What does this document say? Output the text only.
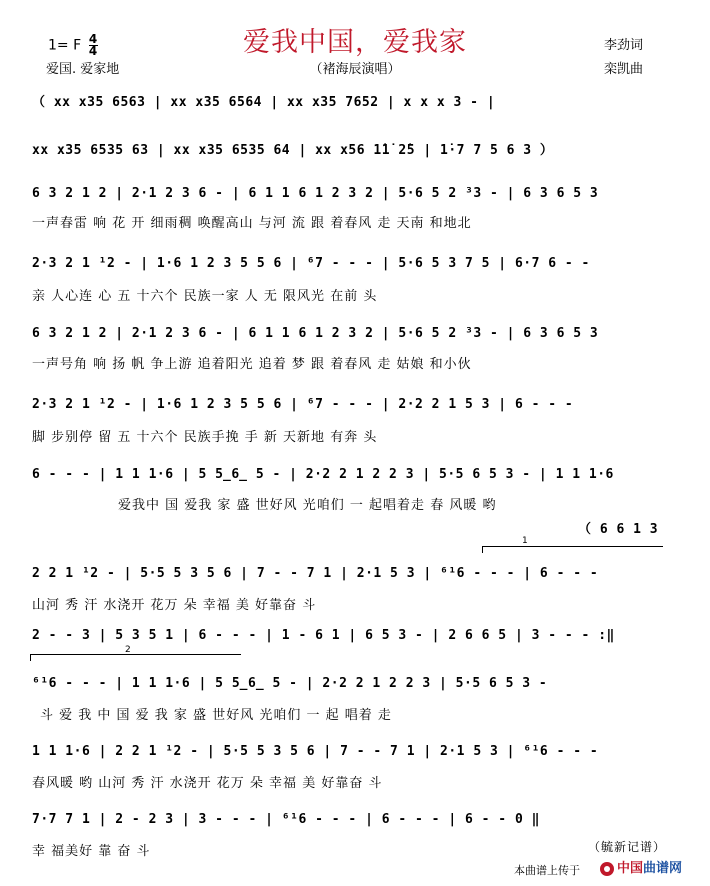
1= F $\frac{4}{4}$	爱我中国，爱我家
（褚海辰演唱）
爱国. 爱家地
李劲词
栾凯曲
（ xx x35 6563 | xx x35 6564 | xx x35 7652 | x x x 3 - |
xx x35 6535 63 | xx x35 6535 64 | xx x56 1̇1̇ 2̇5 | 1̇·7 7 5 6 3 ）
6 3 2 1 2 | 2·1 2 3 6 - | 6 1 1 6 1 2 3 2 | 5·6 5 2 ³3 - | 6 3 6 5 3
一声春雷 响 花 开 细雨稠 唤醒高山 与河 流 跟 着春风 走 天南 和地北
2·3 2 1 ¹2 - | 1·6 1 2 3 5 5 6 | ⁶7 - - - | 5·6 5 3 7 5 | 6·7 6 - -
亲 人心连 心 五 十六个 民族一家 人 无 限风光 在前 头
6 3 2 1 2 | 2·1 2 3 6 - | 6 1 1 6 1 2 3 2 | 5·6 5 2 ³3 - | 6 3 6 5 3
一声号角 响 扬 帆 争上游 追着阳光 追着 梦 跟 着春风 走 姑娘 和小伙
2·3 2 1 ¹2 - | 1·6 1 2 3 5 5 6 | ⁶7 - - - | 2·2 2 1 5 3 | 6 - - -
脚 步别停 留 五 十六个 民族手挽 手 新 天新地 有奔 头
6 - - - | 1 1 1·6 | 5 5̲6̲ 5 - | 2·2 2 1 2 2 3 | 5·5 6 5 3 - | 1 1 1·6
爱我中 国 爱我 家 盛 世好风 光咱们 一 起唱着走 春 风暖 哟
（ 6 6 1 3
1
2 2 1 ¹2 - | 5·5 5 3 5 6 | 7 - - 7 1 | 2·1 5 3 | ⁶¹6 - - - | 6 - - -
山河 秀 汗 水浇开 花万 朵 幸福 美 好靠奋 斗
2 - - 3 | 5 3 5 1 | 6 - - - | 1 - 6 1 | 6 5 3 - | 2 6 6 5 | 3 - - - :‖
2
⁶¹6 - - - | 1 1 1·6 | 5 5̲6̲ 5 - | 2·2 2 1 2 2 3 | 5·5 6 5 3 -
斗 爱 我 中 国 爱 我 家 盛 世好风 光咱们 一 起 唱着 走
1 1 1·6 | 2 2 1 ¹2 - | 5·5 5 3 5 6 | 7 - - 7 1 | 2·1 5 3 | ⁶¹6 - - -
春风暖 哟 山河 秀 汗 水浇开 花万 朵 幸福 美 好靠奋 斗
7·7 7 1 | 2 - 2 3 | 3 - - - | ⁶¹6 - - - | 6 - - - | 6 - - 0 ‖
幸 福美好 靠 奋 斗	（毓新记谱）
本曲谱上传于	中国曲谱网
